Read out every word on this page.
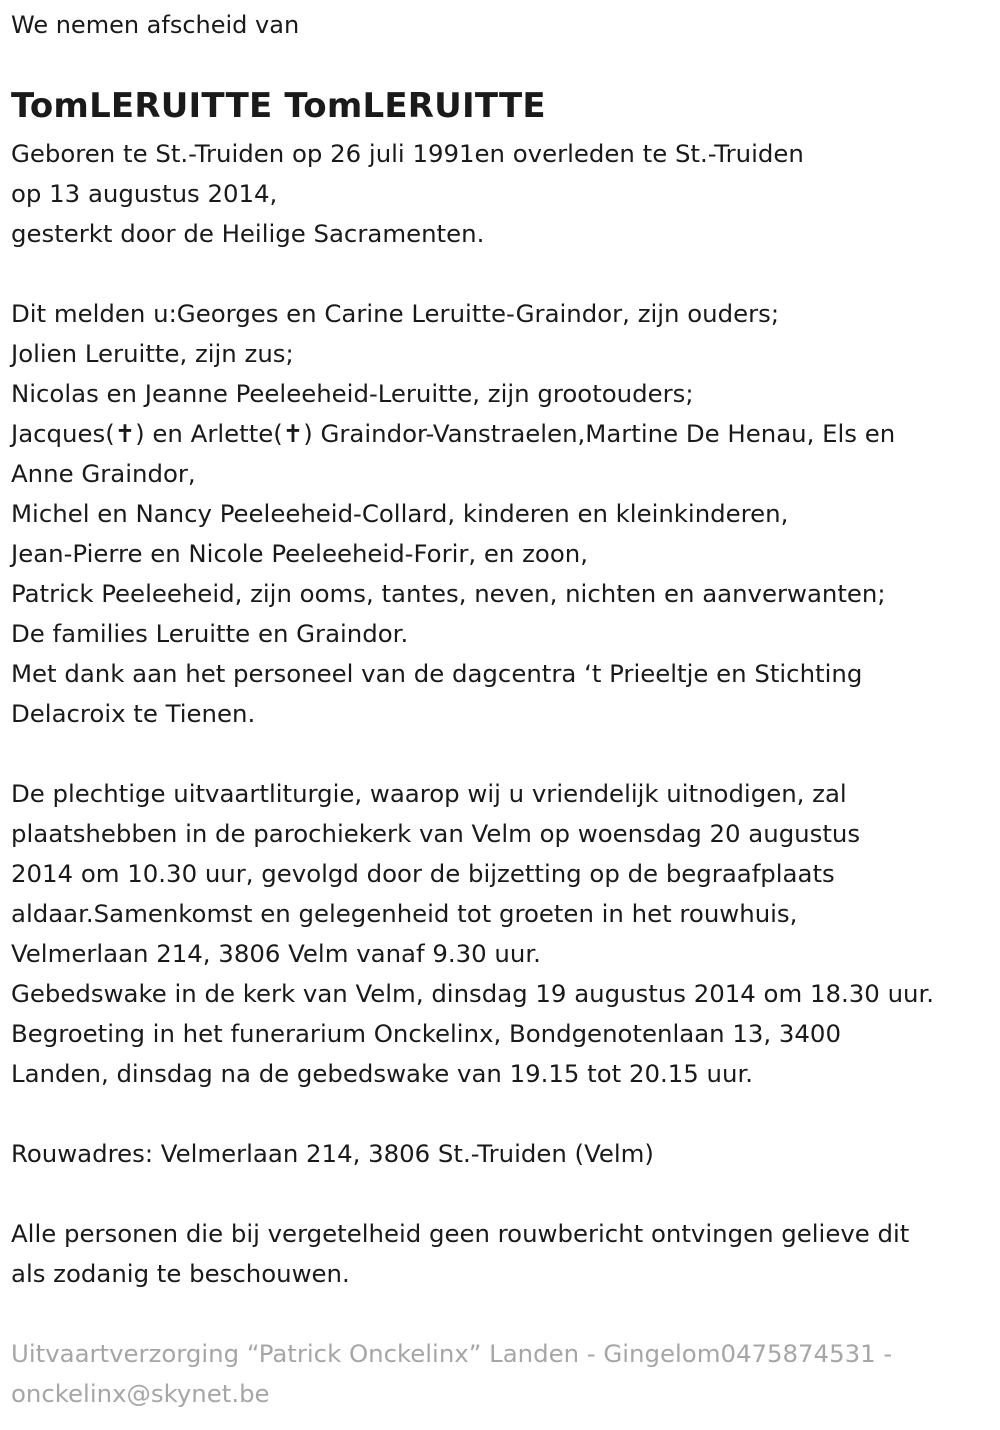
We nemen afscheid van
TomLERUITTE TomLERUITTE
Geboren te St.-Truiden op 26 juli 1991en overleden te St.-Truiden
op 13 augustus 2014,
gesterkt door de Heilige Sacramenten.
Dit melden u:Georges en Carine Leruitte-Graindor, zijn ouders;
Jolien Leruitte, zijn zus;
Nicolas en Jeanne Peeleeheid-Leruitte, zijn grootouders;
Jacques(✝) en Arlette(✝) Graindor-Vanstraelen,Martine De Henau, Els en
Anne Graindor,
Michel en Nancy Peeleeheid-Collard, kinderen en kleinkinderen,
Jean-Pierre en Nicole Peeleeheid-Forir, en zoon,
Patrick Peeleeheid, zijn ooms, tantes, neven, nichten en aanverwanten;
De families Leruitte en Graindor.
Met dank aan het personeel van de dagcentra ‘t Prieeltje en Stichting
Delacroix te Tienen.
De plechtige uitvaartliturgie, waarop wij u vriendelijk uitnodigen, zal
plaatshebben in de parochiekerk van Velm op woensdag 20 augustus
2014 om 10.30 uur, gevolgd door de bijzetting op de begraafplaats
aldaar.Samenkomst en gelegenheid tot groeten in het rouwhuis,
Velmerlaan 214, 3806 Velm vanaf 9.30 uur.
Gebedswake in de kerk van Velm, dinsdag 19 augustus 2014 om 18.30 uur.
Begroeting in het funerarium Onckelinx, Bondgenotenlaan 13, 3400
Landen, dinsdag na de gebedswake van 19.15 tot 20.15 uur.
Rouwadres: Velmerlaan 214, 3806 St.-Truiden (Velm)
Alle personen die bij vergetelheid geen rouwbericht ontvingen gelieve dit
als zodanig te beschouwen.
Uitvaartverzorging “Patrick Onckelinx” Landen - Gingelom0475874531 -
onckelinx@skynet.be
